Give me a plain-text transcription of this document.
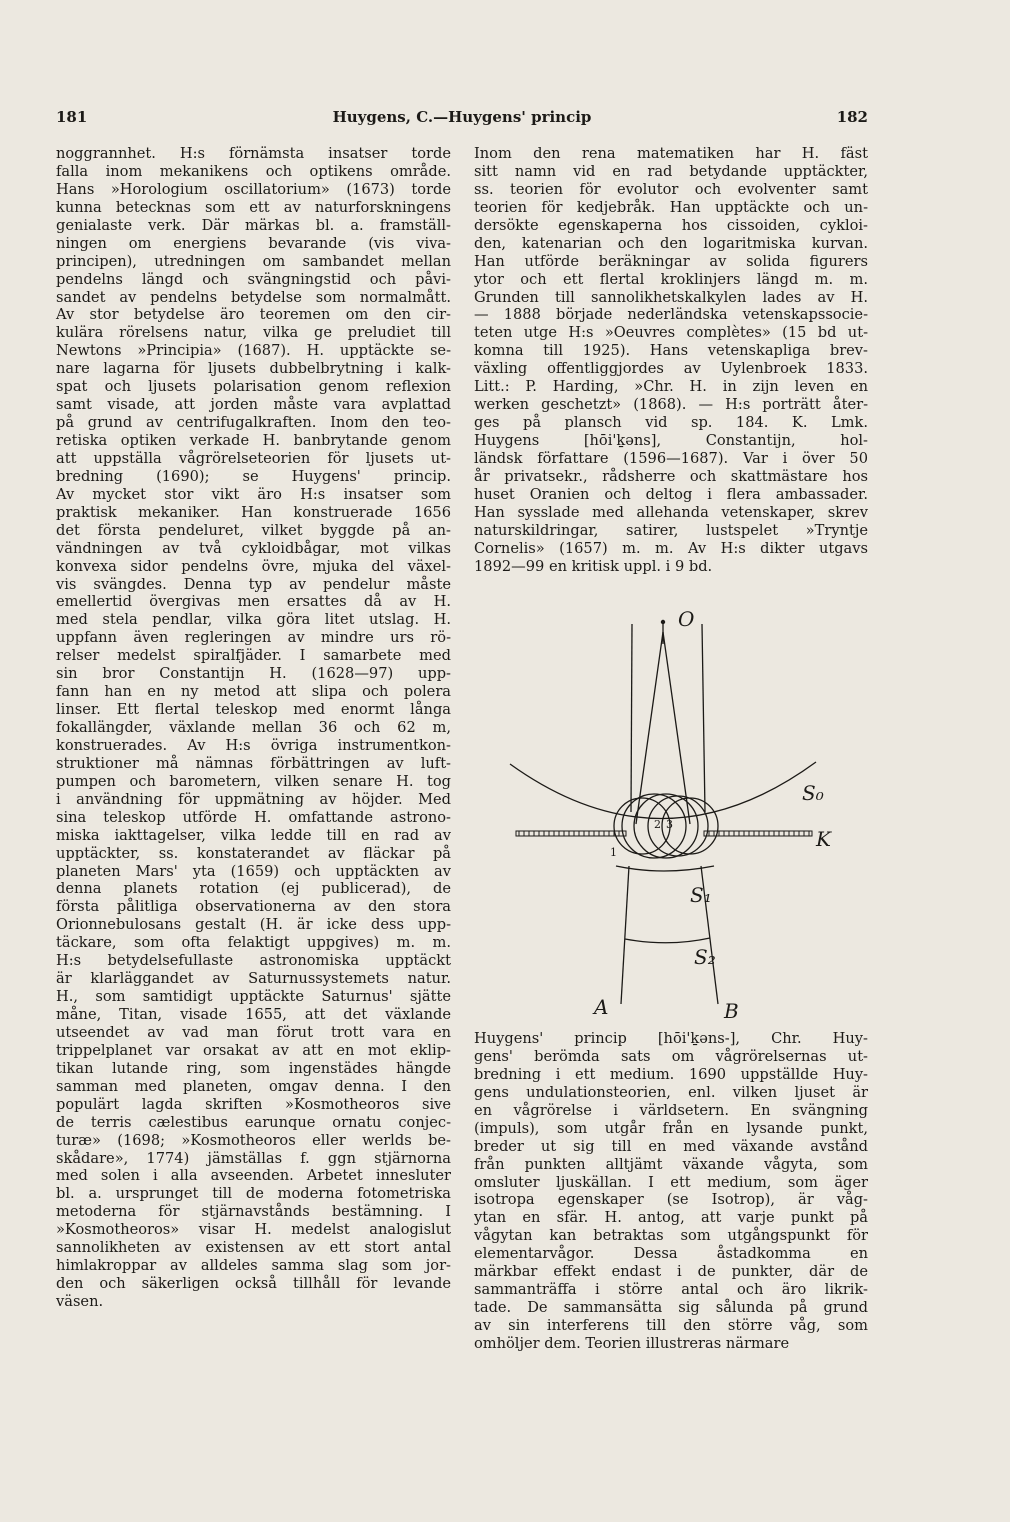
181	Huygens, C.—Huygens' princip	182
noggrannhet. H:s förnämsta insatser torde
falla inom mekanikens och optikens område.
Hans »Horologium oscillatorium» (1673) torde
kunna betecknas som ett av naturforskningens
genialaste verk. Där märkas bl. a. framställ-
ningen om energiens bevarande (vis viva-
principen), utredningen om sambandet mellan
pendelns längd och svängningstid och påvi-
sandet av pendelns betydelse som normalmått.
Av stor betydelse äro teoremen om den cir-
kulära rörelsens natur, vilka ge preludiet till
Newtons »Principia» (1687). H. upptäckte se-
nare lagarna för ljusets dubbelbrytning i kalk-
spat och ljusets polarisation genom reflexion
samt visade, att jorden måste vara avplattad
på grund av centrifugalkraften. Inom den teo-
retiska optiken verkade H. banbrytande genom
att uppställa vågrörelseteorien för ljusets ut-
bredning (1690); se Huygens' princip.
Av mycket stor vikt äro H:s insatser som
praktisk mekaniker. Han konstruerade 1656
det första pendeluret, vilket byggde på an-
vändningen av två cykloidbågar, mot vilkas
konvexa sidor pendelns övre, mjuka del växel-
vis svängdes. Denna typ av pendelur måste
emellertid övergivas men ersattes då av H.
med stela pendlar, vilka göra litet utslag. H.
uppfann även regleringen av mindre urs rö-
relser medelst spiralfjäder. I samarbete med
sin bror Constantijn H. (1628—97) upp-
fann han en ny metod att slipa och polera
linser. Ett flertal teleskop med enormt långa
fokallängder, växlande mellan 36 och 62 m,
konstruerades. Av H:s övriga instrumentkon-
struktioner må nämnas förbättringen av luft-
pumpen och barometern, vilken senare H. tog
i användning för uppmätning av höjder. Med
sina teleskop utförde H. omfattande astrono-
miska iakttagelser, vilka ledde till en rad av
upptäckter, ss. konstaterandet av fläckar på
planeten Mars' yta (1659) och upptäckten av
denna planets rotation (ej publicerad), de
första pålitliga observationerna av den stora
Orionnebulosans gestalt (H. är icke dess upp-
täckare, som ofta felaktigt uppgives) m. m.
H:s betydelsefullaste astronomiska upptäckt
är klarläggandet av Saturnussystemets natur.
H., som samtidigt upptäckte Saturnus' sjätte
måne, Titan, visade 1655, att det växlande
utseendet av vad man förut trott vara en
trippelplanet var orsakat av att en mot eklip-
tikan lutande ring, som ingenstädes hängde
samman med planeten, omgav denna. I den
populärt lagda skriften »Kosmotheoros sive
de terris cælestibus earunque ornatu conjec-
turæ» (1698; »Kosmotheoros eller werlds be-
skådare», 1774) jämställas f. ggn stjärnorna
med solen i alla avseenden. Arbetet innesluter
bl. a. ursprunget till de moderna fotometriska
metoderna för stjärnavstånds bestämning. I
»Kosmotheoros» visar H. medelst analogislut
sannolikheten av existensen av ett stort antal
himlakroppar av alldeles samma slag som jor-
den och säkerligen också tillhåll för levande
väsen.
Inom den rena matematiken har H. fäst
sitt namn vid en rad betydande upptäckter,
ss. teorien för evolutor och evolventer samt
teorien för kedjebråk. Han upptäckte och un-
dersökte egenskaperna hos cissoiden, cykloi-
den, katenarian och den logaritmiska kurvan.
Han utförde beräkningar av solida figurers
ytor och ett flertal kroklinjers längd m. m.
Grunden till sannolikhetskalkylen lades av H.
— 1888 började nederländska vetenskapssocie-
teten utge H:s »Oeuvres complètes» (15 bd ut-
komna till 1925). Hans vetenskapliga brev-
växling offentliggjordes av Uylenbroek 1833.
Litt.: P. Harding, »Chr. H. in zijn leven en
werken geschetzt» (1868). — H:s porträtt åter-
ges på plansch vid sp. 184. K. Lmk.
Huygens [hōi'ḵəns], Constantijn, hol-
ländsk författare (1596—1687). Var i över 50
år privatsekr., rådsherre och skattmästare hos
huset Oranien och deltog i flera ambassader.
Han sysslade med allehanda vetenskaper, skrev
naturskildringar, satirer, lustspelet »Tryntje
Cornelis» (1657) m. m. Av H:s dikter utgavs
1892—99 en kritisk uppl. i 9 bd.
O
S₀
K
S₁
S₂
A	B
1
2 3
Huygens' princip [hōi'ḵəns-], Chr. Huy-
gens' berömda sats om vågrörelsernas ut-
bredning i ett medium. 1690 uppställde Huy-
gens undulationsteorien, enl. vilken ljuset är
en vågrörelse i världsetern. En svängning
(impuls), som utgår från en lysande punkt,
breder ut sig till en med växande avstånd
från punkten alltjämt växande vågyta, som
omsluter ljuskällan. I ett medium, som äger
isotropa egenskaper (se Isotrop), är våg-
ytan en sfär. H. antog, att varje punkt på
vågytan kan betraktas som utgångspunkt för
elementarvågor. Dessa åstadkomma en
märkbar effekt endast i de punkter, där de
sammanträffa i större antal och äro likrik-
tade. De sammansätta sig sålunda på grund
av sin interferens till den större våg, som
omhöljer dem. Teorien illustreras närmare
